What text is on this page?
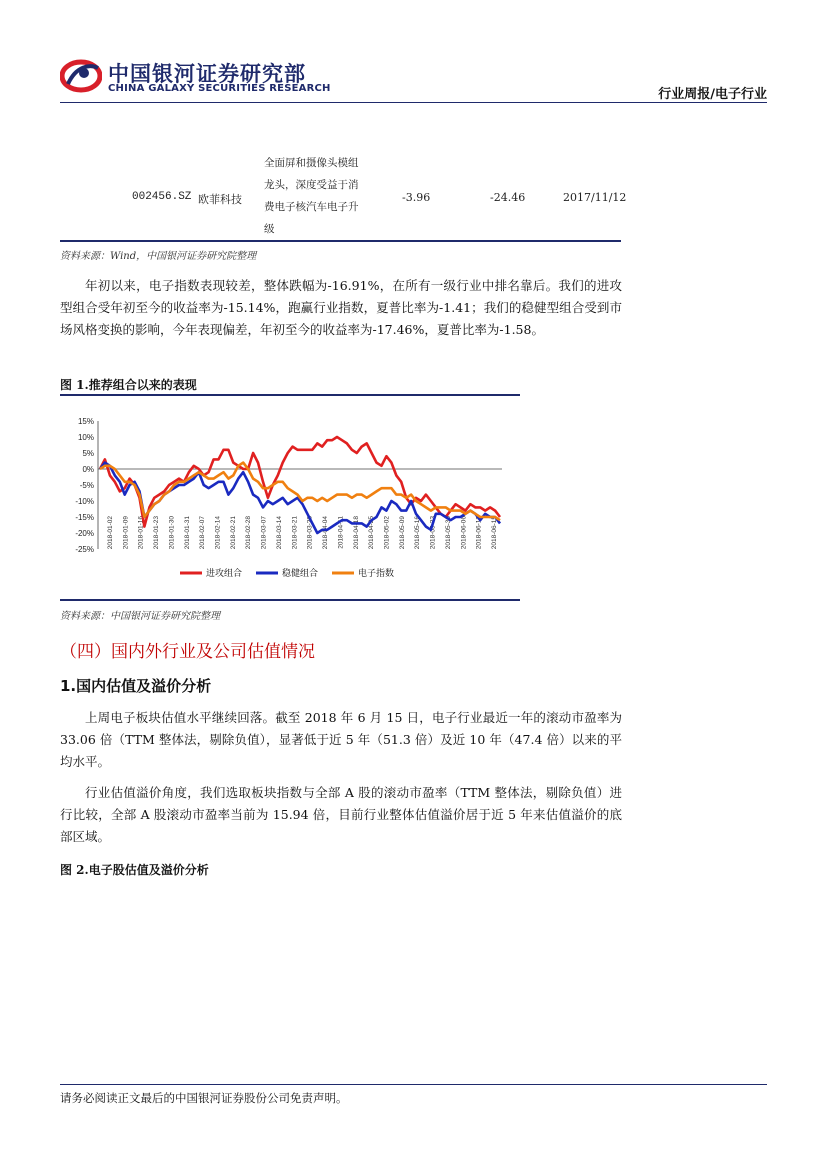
中国银河证券研究部
CHINA GALAXY SECURITIES RESEARCH	行业周报/电子行业
002456.SZ 欧菲科技
全面屏和摄像头模组
龙头，深度受益于消
费电子核汽车电子升
级
-3.96	-24.46	2017/11/12
资料来源：Wind，中国银河证券研究院整理
年初以来，电子指数表现较差，整体跌幅为-16.91%，在所有一级行业中排名靠后。我们的进攻型组合受年初至今的收益率为-15.14%，跑赢行业指数，夏普比率为-1.41；我们的稳健型组合受到市场风格变换的影响，今年表现偏差，年初至今的收益率为-17.46%，夏普比率为-1.58。
图 1.推荐组合以来的表现
15%
10%
5%
0%
-5%
-10%
-15%
-20%
-25%
2018-01-02 2018-01-09 2018-01-16 2018-01-23 2018-01-30 2018-01-31 2018-02-07 2018-02-14 2018-02-21 2018-02-28 2018-03-07 2018-03-14 2018-03-21 2018-03-28 2018-04-04 2018-04-11 2018-04-18 2018-04-25 2018-05-02 2018-05-09 2018-05-16 2018-05-23 2018-05-30 2018-06-06 2018-06-13 2018-06-15
进攻组合	稳健组合	电子指数
资料来源：中国银河证券研究院整理
（四）国内外行业及公司估值情况
1.国内估值及溢价分析
上周电子板块估值水平继续回落。截至 2018 年 6 月 15 日，电子行业最近一年的滚动市盈率为 33.06 倍（TTM 整体法，剔除负值），显著低于近 5 年（51.3 倍）及近 10 年（47.4 倍）以来的平均水平。
行业估值溢价角度，我们选取板块指数与全部 A 股的滚动市盈率（TTM 整体法，剔除负值）进行比较，全部 A 股滚动市盈率当前为 15.94 倍，目前行业整体估值溢价居于近 5 年来估值溢价的底部区域。
图 2.电子股估值及溢价分析
请务必阅读正文最后的中国银河证券股份公司免责声明。
